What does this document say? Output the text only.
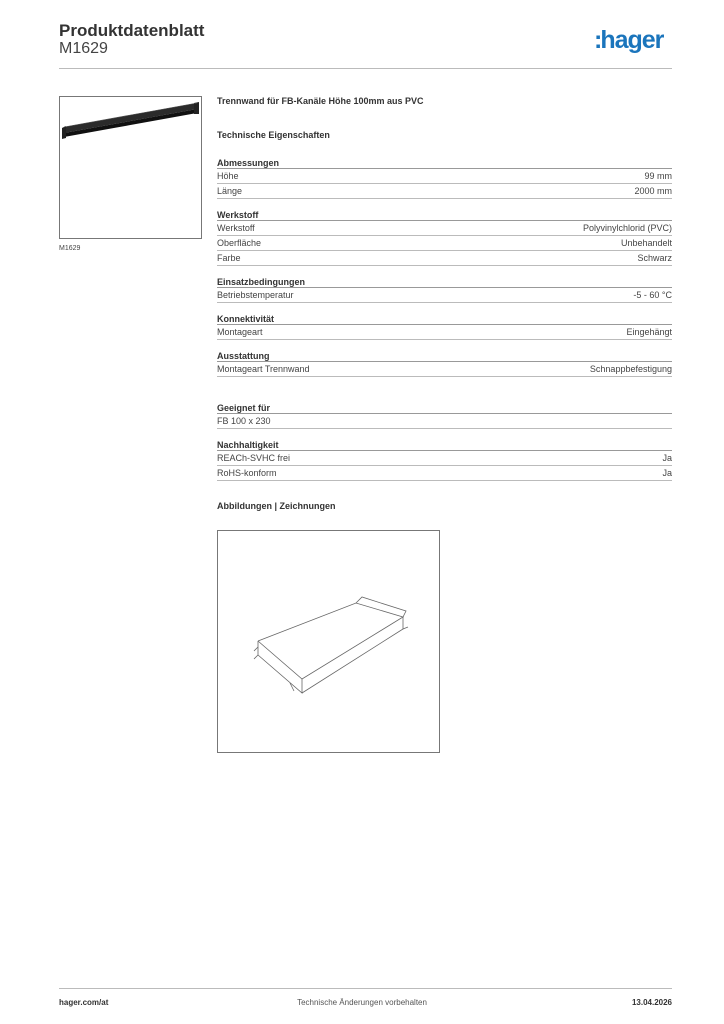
Produktdatenblatt
M1629	:hager
M1629
Trennwand für FB-Kanäle Höhe 100mm aus PVC
Technische Eigenschaften
Abmessungen
Höhe	99 mm
Länge	2000 mm
Werkstoff
Werkstoff	Polyvinylchlorid (PVC)
Oberfläche	Unbehandelt
Farbe	Schwarz
Einsatzbedingungen
Betriebstemperatur	-5 - 60 °C
Konnektivität
Montageart	Eingehängt
Ausstattung
Montageart Trennwand	Schnappbefestigung
Geeignet für
FB 100 x 230
Nachhaltigkeit
REACh-SVHC frei	Ja
RoHS-konform	Ja
Abbildungen | Zeichnungen
hager.com/at	Technische Änderungen vorbehalten	13.04.2026
